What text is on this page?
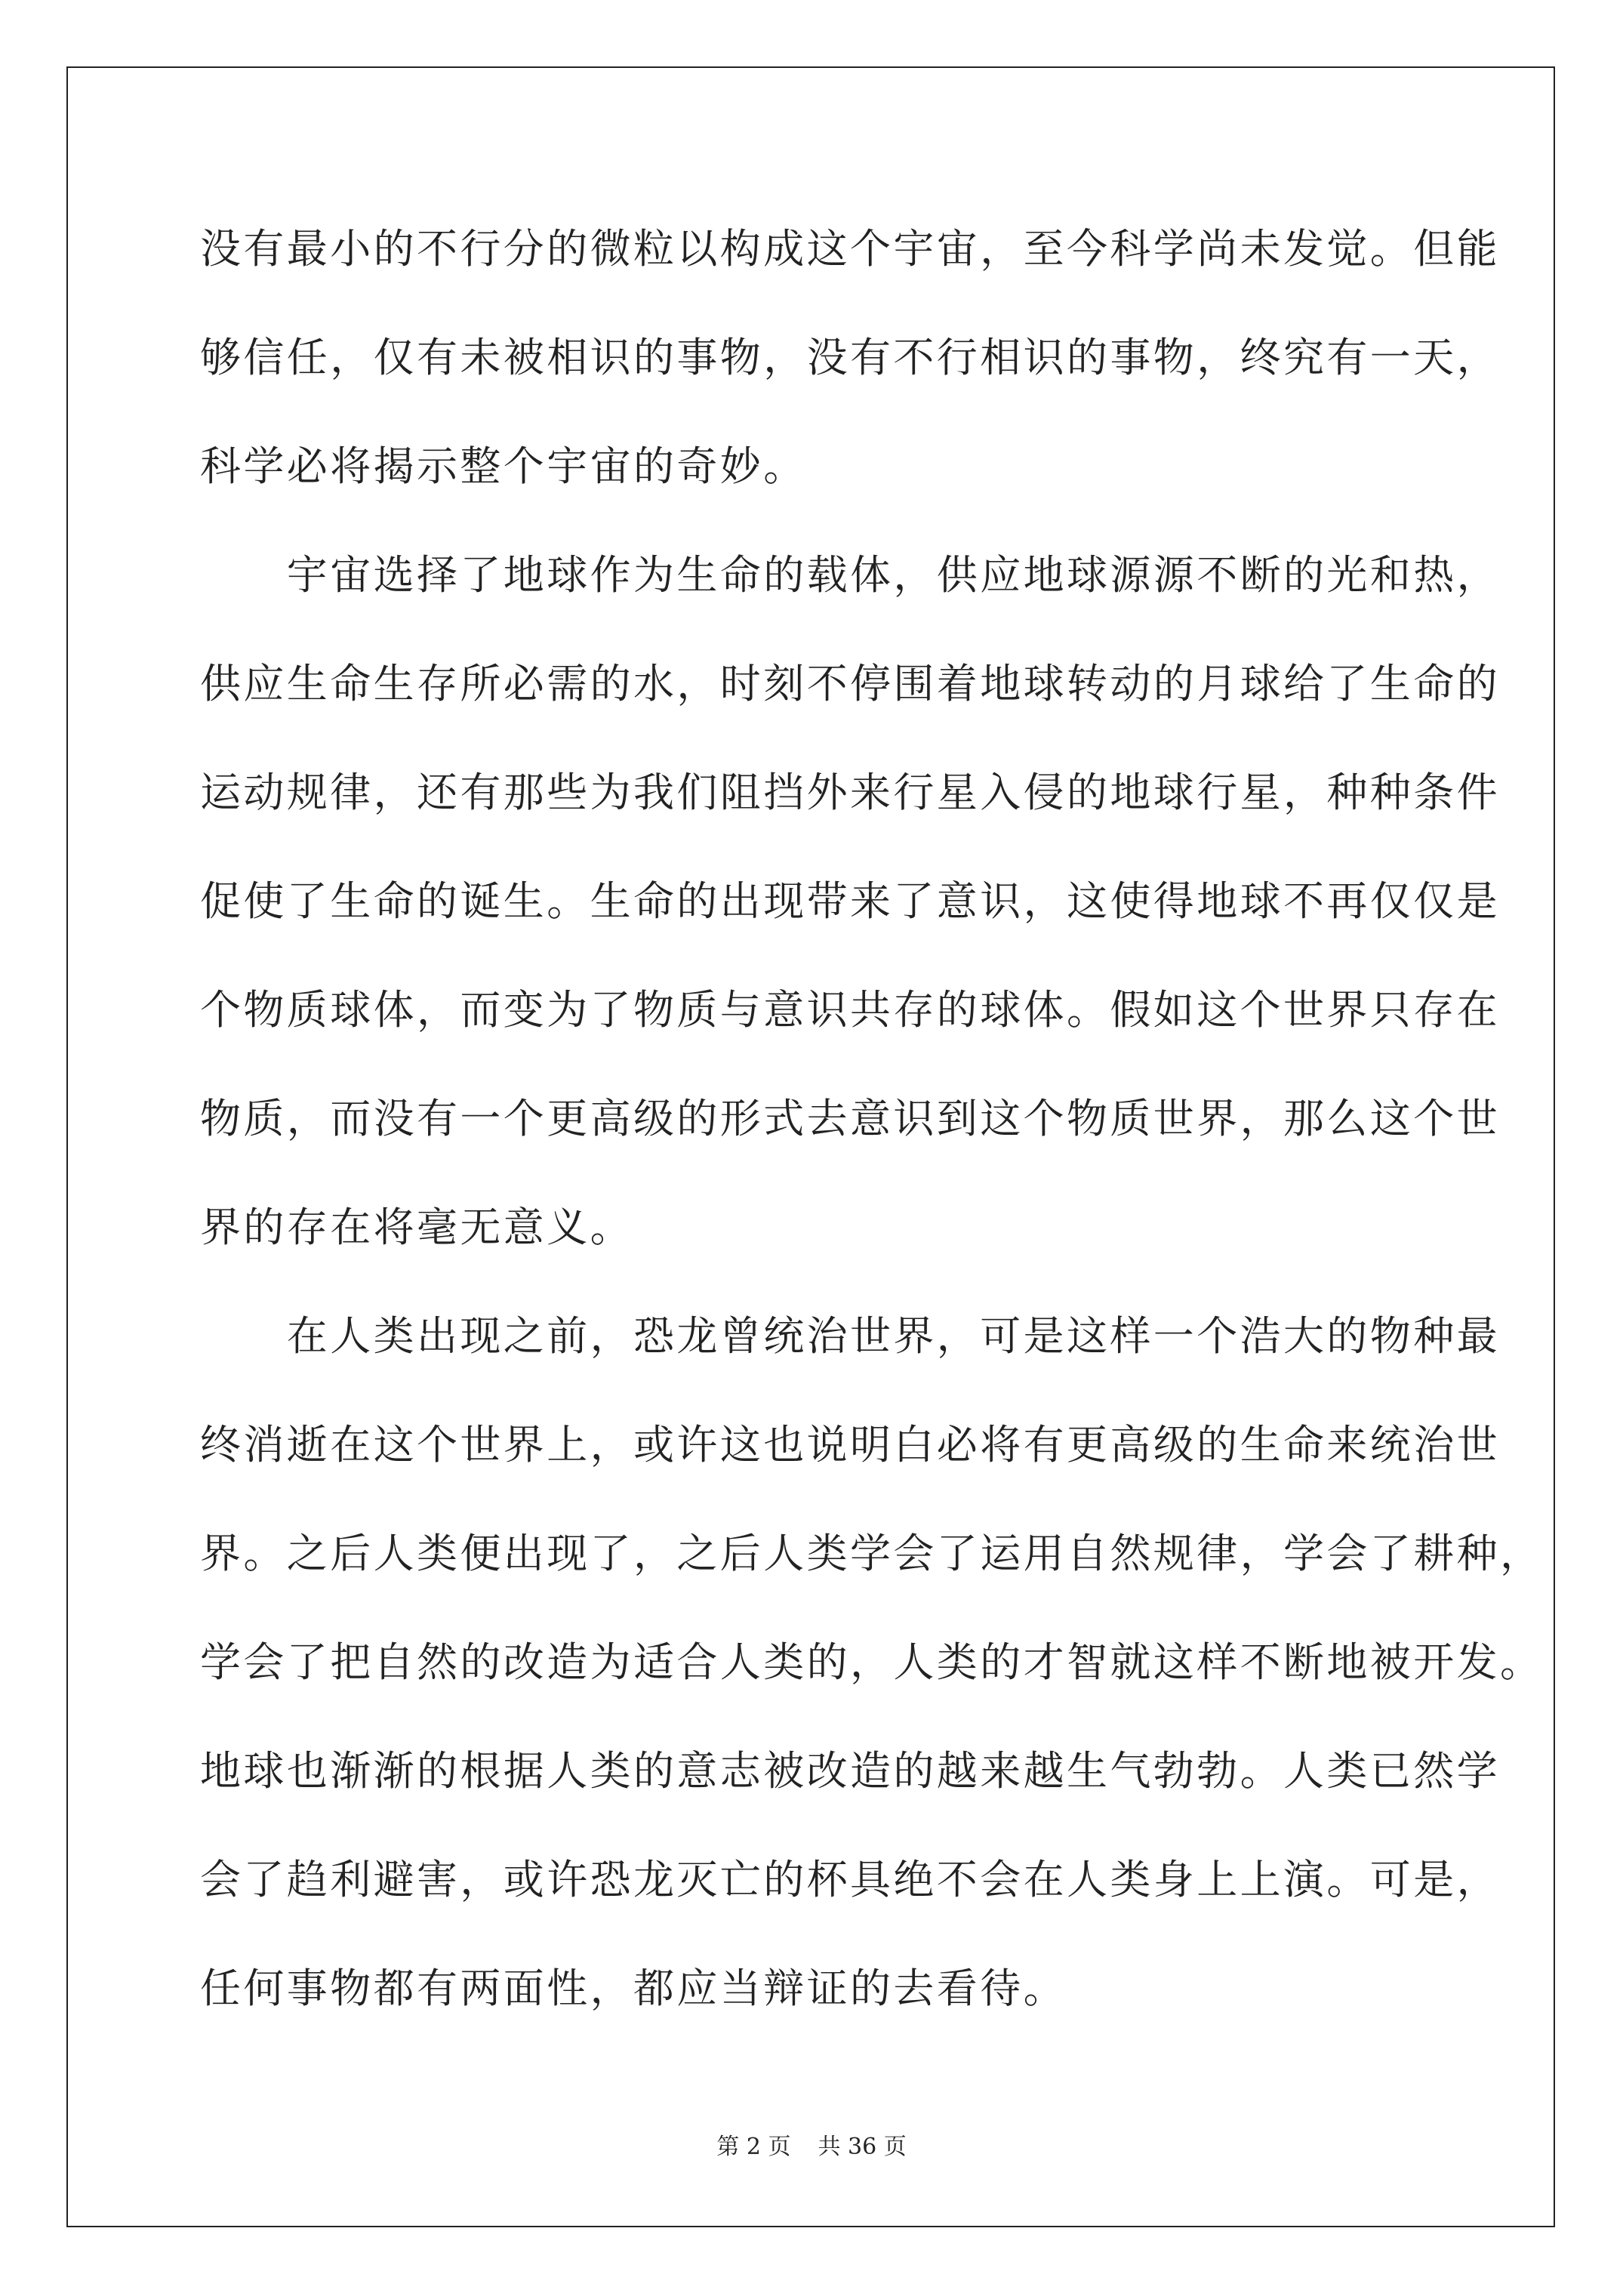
没有最小的不行分的微粒以构成这个宇宙，至今科学尚未发觉。但能
够信任，仅有未被相识的事物，没有不行相识的事物，终究有一天，
科学必将揭示整个宇宙的奇妙。
　　宇宙选择了地球作为生命的载体，供应地球源源不断的光和热，
供应生命生存所必需的水，时刻不停围着地球转动的月球给了生命的
运动规律，还有那些为我们阻挡外来行星入侵的地球行星，种种条件
促使了生命的诞生。生命的出现带来了意识，这使得地球不再仅仅是
个物质球体，而变为了物质与意识共存的球体。假如这个世界只存在
物质，而没有一个更高级的形式去意识到这个物质世界，那么这个世
界的存在将毫无意义。
　　在人类出现之前，恐龙曾统治世界，可是这样一个浩大的物种最
终消逝在这个世界上，或许这也说明白必将有更高级的生命来统治世
界。之后人类便出现了，之后人类学会了运用自然规律，学会了耕种，
学会了把自然的改造为适合人类的，人类的才智就这样不断地被开发。
地球也渐渐的根据人类的意志被改造的越来越生气勃勃。人类已然学
会了趋利避害，或许恐龙灭亡的杯具绝不会在人类身上上演。可是，
任何事物都有两面性，都应当辩证的去看待。
第 2 页 共 36 页
